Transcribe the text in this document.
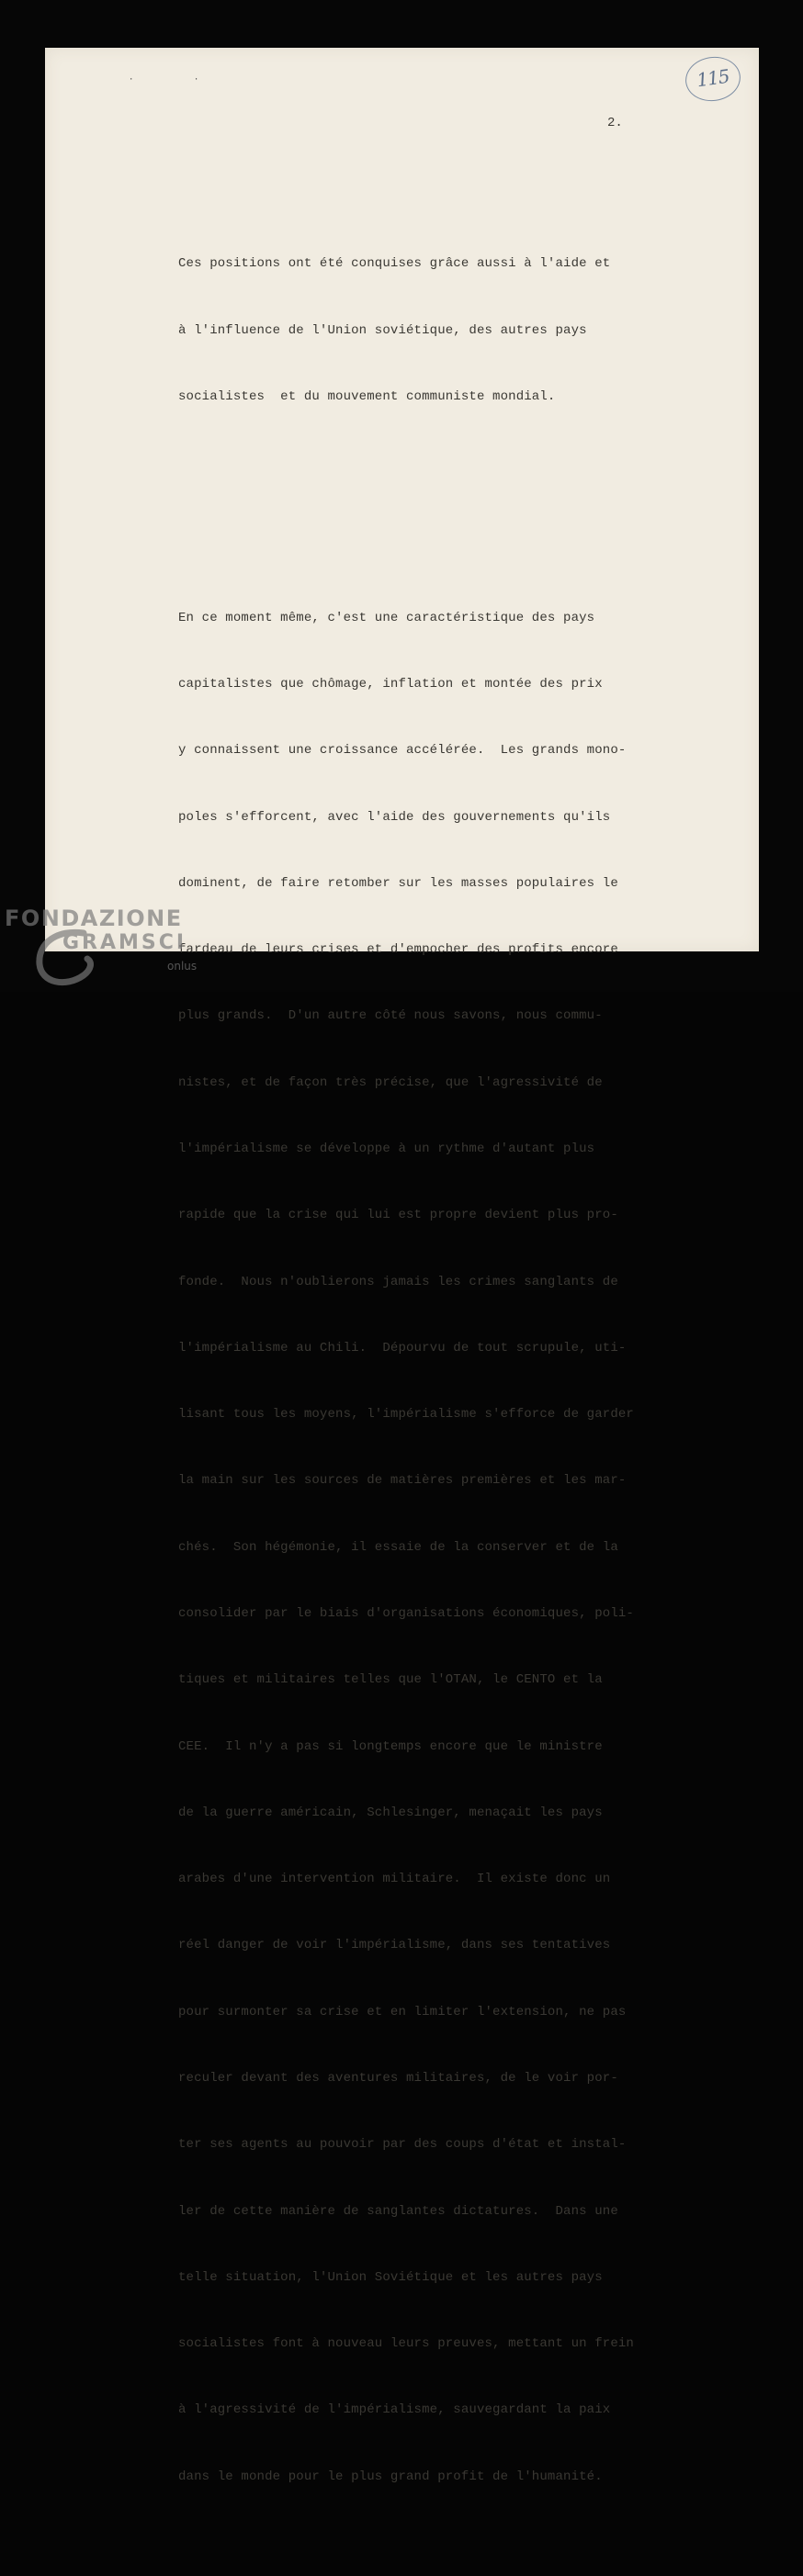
· ·	115
2.

Ces positions ont été conquises grâce aussi à l'aide et

à l'influence de l'Union soviétique, des autres pays

socialistes  et du mouvement communiste mondial.

En ce moment même, c'est une caractéristique des pays

capitalistes que chômage, inflation et montée des prix

y connaissent une croissance accélérée.  Les grands mono-

poles s'efforcent, avec l'aide des gouvernements qu'ils

dominent, de faire retomber sur les masses populaires le

fardeau de leurs crises et d'empocher des profits encore

plus grands.  D'un autre côté nous savons, nous commu-

nistes, et de façon très précise, que l'agressivité de

l'impérialisme se développe à un rythme d'autant plus

rapide que la crise qui lui est propre devient plus pro-

fonde.  Nous n'oublierons jamais les crimes sanglants de

l'impérialisme au Chili.  Dépourvu de tout scrupule, uti-

lisant tous les moyens, l'impérialisme s'efforce de garder

la main sur les sources de matières premières et les mar-

chés.  Son hégémonie, il essaie de la conserver et de la

consolider par le biais d'organisations économiques, poli-

tiques et militaires telles que l'OTAN, le CENTO et la

CEE.  Il n'y a pas si longtemps encore que le ministre

de la guerre américain, Schlesinger, menaçait les pays

arabes d'une intervention militaire.  Il existe donc un

réel danger de voir l'impérialisme, dans ses tentatives

pour surmonter sa crise et en limiter l'extension, ne pas

reculer devant des aventures militaires, de le voir por-

ter ses agents au pouvoir par des coups d'état et instal-

ler de cette manière de sanglantes dictatures.  Dans une

telle situation, l'Union Soviétique et les autres pays

socialistes font à nouveau leurs preuves, mettant un frein

à l'agressivité de l'impérialisme, sauvegardant la paix

dans le monde pour le plus grand profit de l'humanité.

FONDAZIONE
GRAMSCI
onlus
